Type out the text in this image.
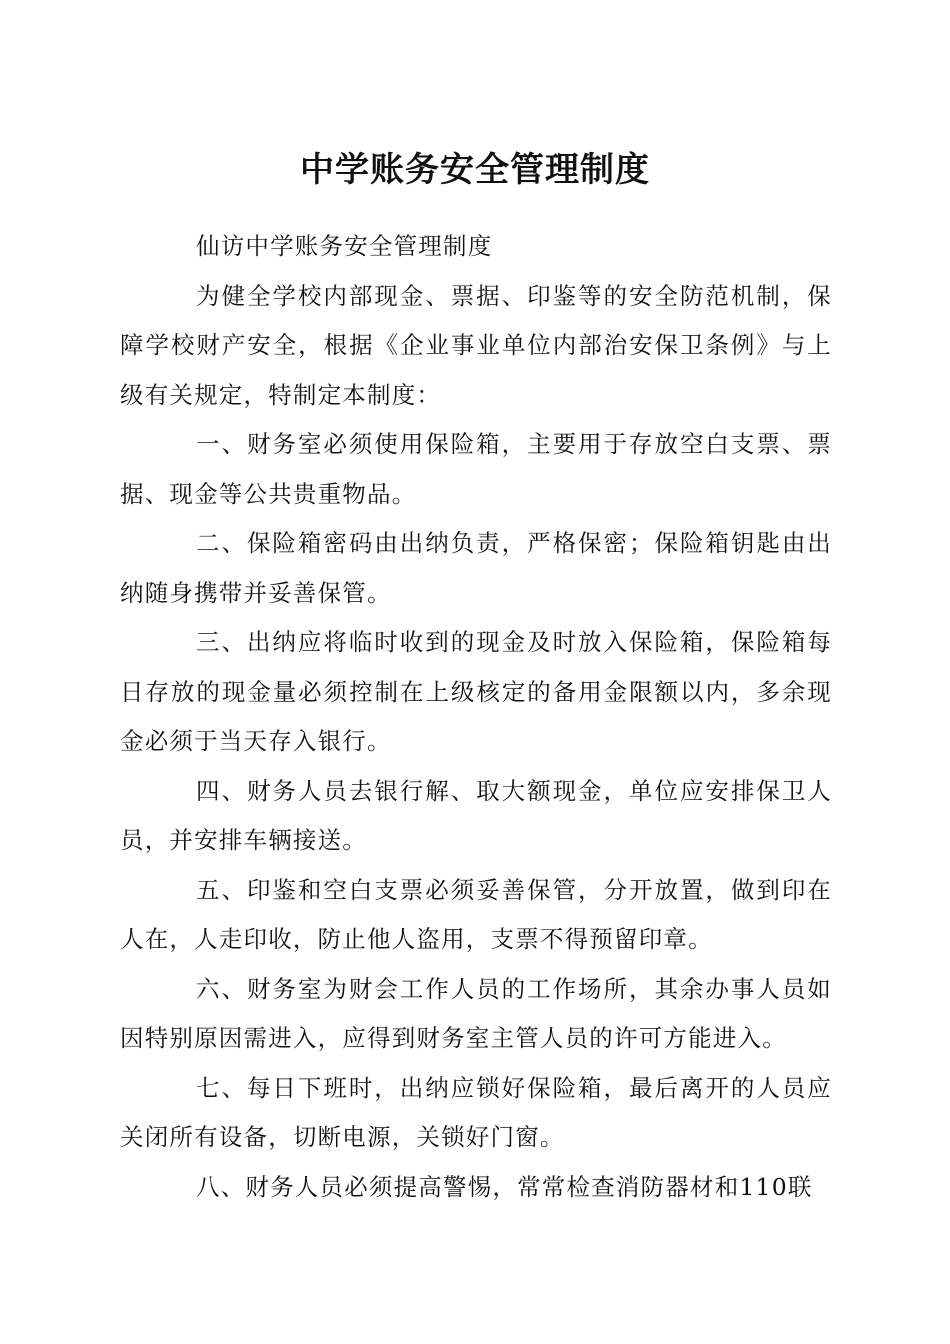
中学账务安全管理制度

仙访中学账务安全管理制度

为健全学校内部现金、票据、印鉴等的安全防范机制，保障学校财产安全，根据《企业事业单位内部治安保卫条例》与上级有关规定，特制定本制度：

一、财务室必须使用保险箱，主要用于存放空白支票、票据、现金等公共贵重物品。

二、保险箱密码由出纳负责，严格保密；保险箱钥匙由出纳随身携带并妥善保管。

三、出纳应将临时收到的现金及时放入保险箱，保险箱每日存放的现金量必须控制在上级核定的备用金限额以内，多余现金必须于当天存入银行。

四、财务人员去银行解、取大额现金，单位应安排保卫人员，并安排车辆接送。

五、印鉴和空白支票必须妥善保管，分开放置，做到印在人在，人走印收，防止他人盗用，支票不得预留印章。

六、财务室为财会工作人员的工作场所，其余办事人员如因特别原因需进入，应得到财务室主管人员的许可方能进入。

七、每日下班时，出纳应锁好保险箱，最后离开的人员应关闭所有设备，切断电源，关锁好门窗。

八、财务人员必须提高警惕，常常检查消防器材和110联
